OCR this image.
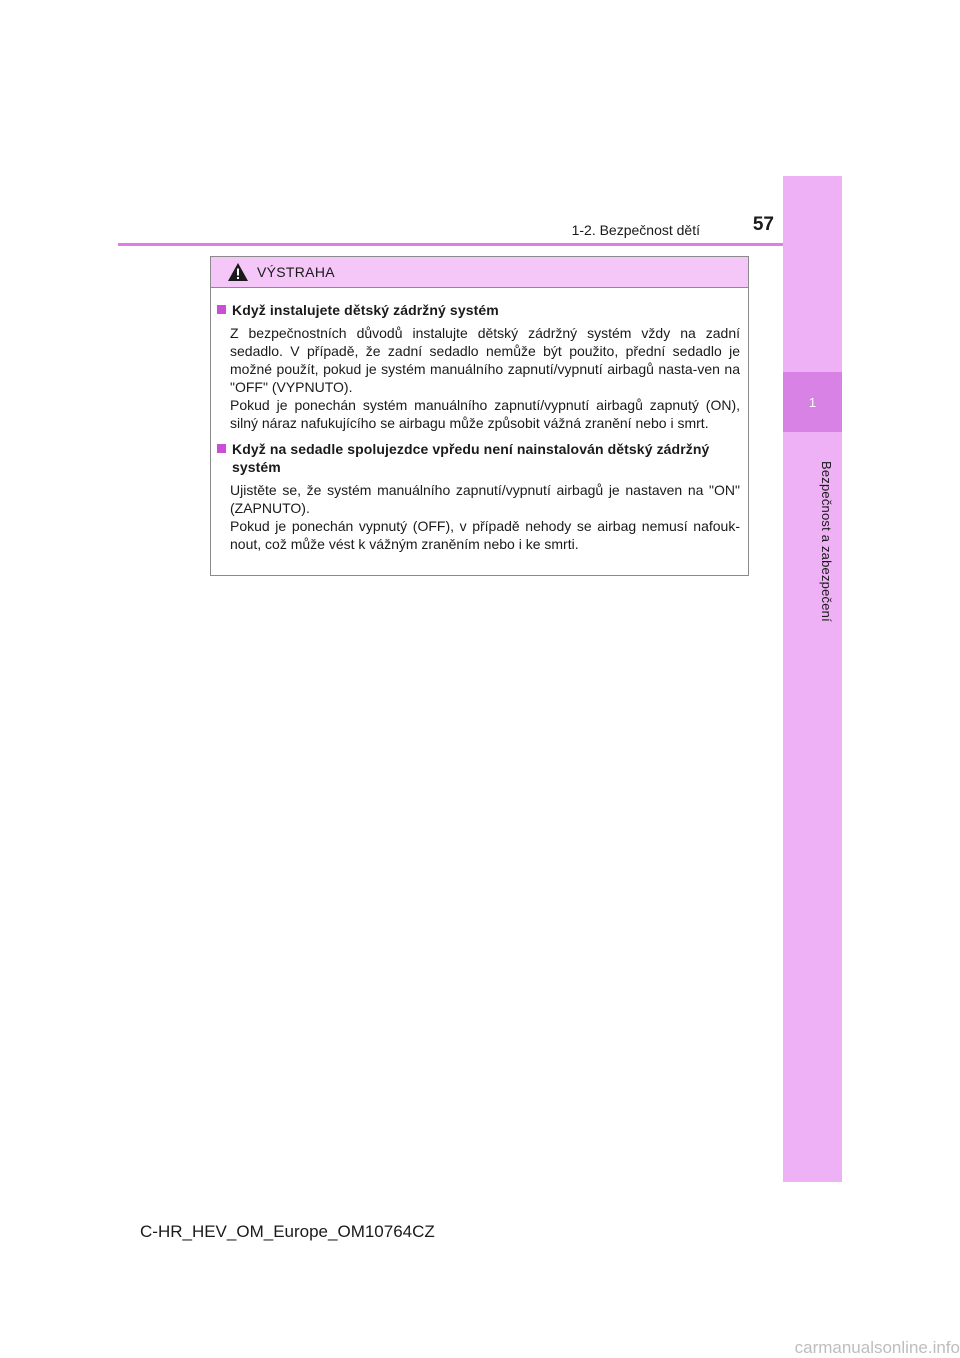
1-2. Bezpečnost dětí	57
1
Bezpečnost a zabezpečení
VÝSTRAHA
Když instalujete dětský zádržný systém

Z bezpečnostních důvodů instalujte dětský zádržný systém vždy na zadní sedadlo. V případě, že zadní sedadlo nemůže být použito, přední sedadlo je možné použít, pokud je systém manuálního zapnutí/vypnutí airbagů nasta-ven na "OFF" (VYPNUTO).

Pokud je ponechán systém manuálního zapnutí/vypnutí airbagů zapnutý (ON), silný náraz nafukujícího se airbagu může způsobit vážná zranění nebo i smrt.

Když na sedadle spolujezdce vpředu není nainstalován dětský zádržný systém

Ujistěte se, že systém manuálního zapnutí/vypnutí airbagů je nastaven na "ON" (ZAPNUTO).

Pokud je ponechán vypnutý (OFF), v případě nehody se airbag nemusí nafouk-nout, což může vést k vážným zraněním nebo i ke smrti.

C-HR_HEV_OM_Europe_OM10764CZ
carmanualsonline.info
